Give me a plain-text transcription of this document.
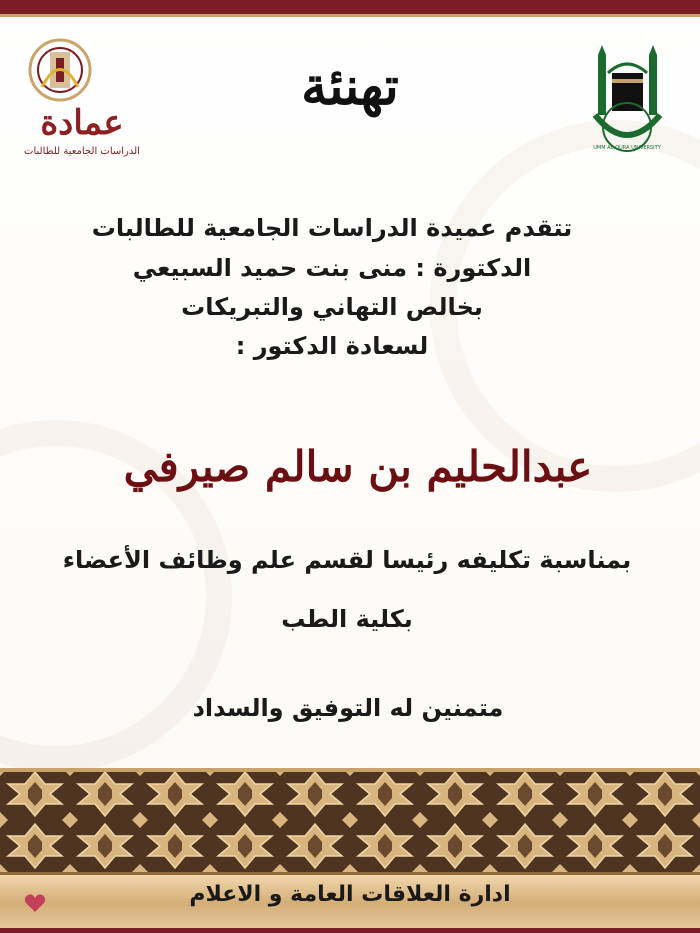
عمادة
الدراسات الجامعية للطالبات
تهنئة
UMM AL-QURA UNIVERSITY
تتقدم عميدة الدراسات الجامعية للطالبات
الدكتورة : منى بنت حميد السبيعي
بخالص التهاني والتبريكات
لسعادة الدكتور :
عبدالحليم بن سالم صيرفي
بمناسبة تكليفه رئيسا لقسم علم وظائف الأعضاء
بكلية الطب
متمنين له التوفيق والسداد
ادارة العلاقات العامة و الاعلام
